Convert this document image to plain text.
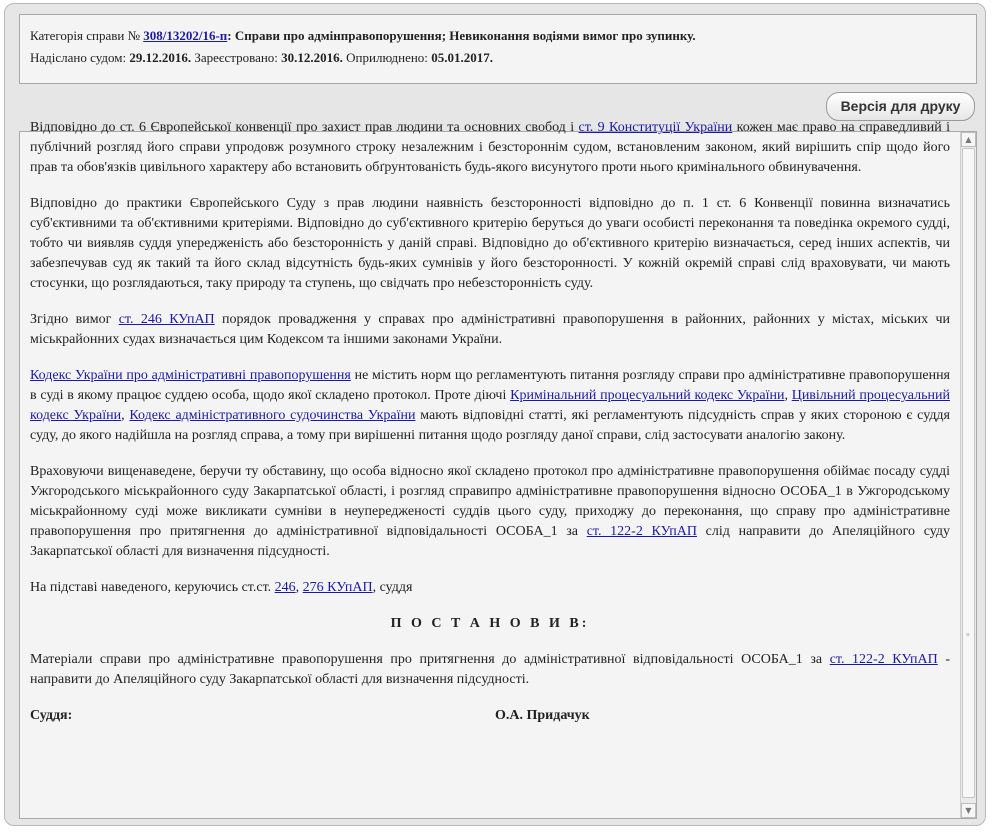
Категорія справи № 308/13202/16-п: Справи про адмінправопорушення; Невиконання водіями вимог про зупинку.
Надіслано судом: 29.12.2016. Зареєстровано: 30.12.2016. Оприлюднено: 05.01.2017.
Версія для друку

Відповідно до ст. 6 Європейської конвенції про захист прав людини та основних свобод і ст. 9 Конституції України кожен має право на справедливий і публічний розгляд його справи упродовж розумного строку незалежним і безстороннім судом, встановленим законом, який вирішить спір щодо його прав та обов'язків цивільного характеру або встановить обґрунтованість будь-якого висунутого проти нього кримінального обвинувачення.

Відповідно до практики Європейського Суду з прав людини наявність безсторонності відповідно до п. 1 ст. 6 Конвенції повинна визначатись суб'єктивними та об'єктивними критеріями. Відповідно до суб'єктивного критерію беруться до уваги особисті переконання та поведінка окремого судді, тобто чи виявляв суддя упередженість або безсторонність у даній справі. Відповідно до об'єктивного критерію визначається, серед інших аспектів, чи забезпечував суд як такий та його склад відсутність будь-яких сумнівів у його безсторонності. У кожній окремій справі слід враховувати, чи мають стосунки, що розглядаються, таку природу та ступень, що свідчать про небезсторонність суду.

Згідно вимог ст. 246 КУпАП порядок провадження у справах про адміністративні правопорушення в районних, районних у містах, міських чи міськрайонних судах визначається цим Кодексом та іншими законами України.

Кодекс України про адміністративні правопорушення не містить норм що регламентують питання розгляду справи про адміністративне правопорушення в суді в якому працює суддею особа, щодо якої складено протокол. Проте діючі Кримінальний процесуальний кодекс України, Цивільний процесуальний кодекс України, Кодекс адміністративного судочинства України мають відповідні статті, які регламентують підсудність справ у яких стороною є суддя суду, до якого надійшла на розгляд справа, а тому при вирішенні питання щодо розгляду даної справи, слід застосувати аналогію закону.

Враховуючи вищенаведене, беручи ту обставину, що особа відносно якої складено протокол про адміністративне правопорушення обіймає посаду судді Ужгородського міськрайонного суду Закарпатської області, і розгляд справипро адміністративне правопорушення відносно ОСОБА_1 в Ужгородському міськрайонному суді може викликати сумніви в неупередженості суддів цього суду, приходжу до переконання, що справу про адміністративне правопорушення про притягнення до адміністративної відповідальності ОСОБА_1 за ст. 122-2 КУпАП слід направити до Апеляційного суду Закарпатської області для визначення підсудності.

На підставі наведеного, керуючись ст.ст. 246, 276 КУпАП, суддя

П О С Т А Н О В И В:

Матеріали справи про адміністративне правопорушення про притягнення до адміністративної відповідальності ОСОБА_1 за ст. 122-2 КУпАП - направити до Апеляційного суду Закарпатської області для визначення підсудності.

Суддя:	О.А. Придачук
▲
≡
▼
